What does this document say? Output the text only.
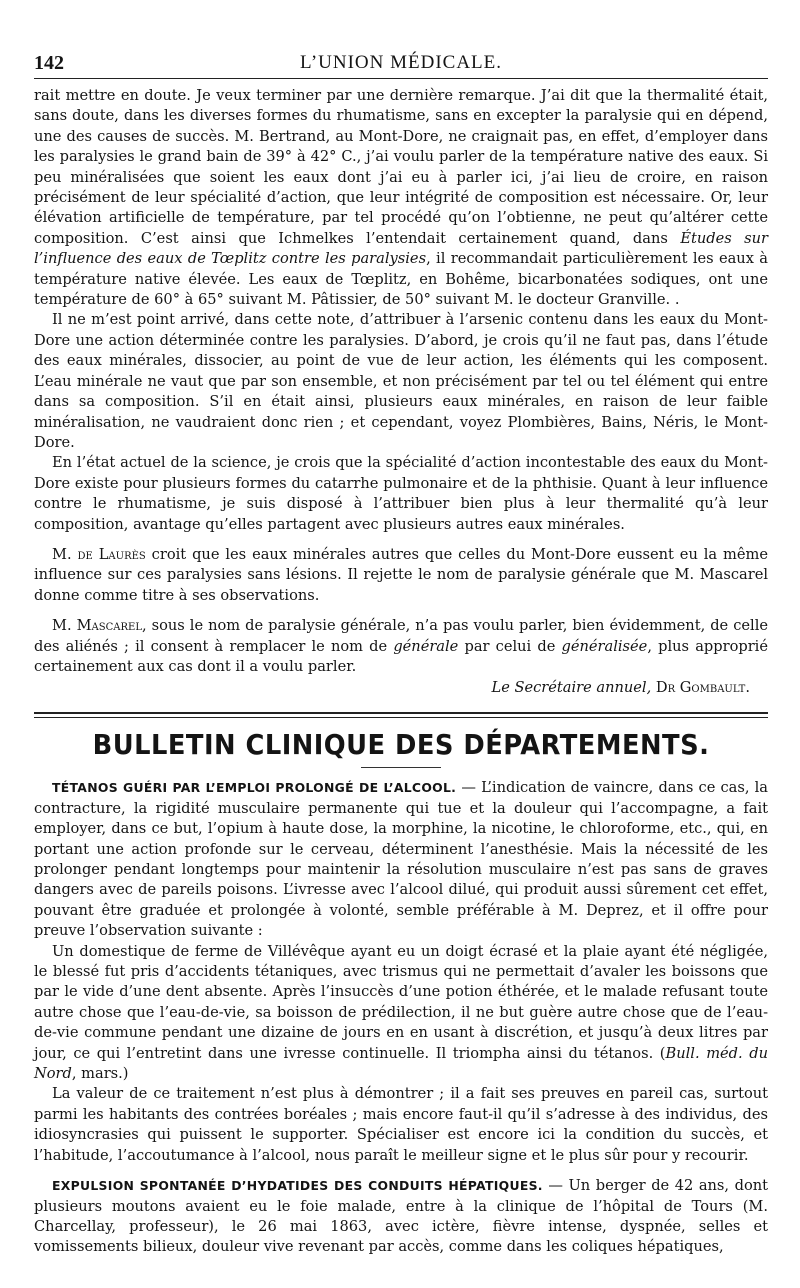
142	L’UNION MÉDICALE.

rait mettre en doute. Je veux terminer par une dernière remarque. J’ai dit que la thermalité était, sans doute, dans les diverses formes du rhumatisme, sans en excepter la paralysie qui en dépend, une des causes de succès. M. Bertrand, au Mont-Dore, ne craignait pas, en effet, d’employer dans les paralysies le grand bain de 39° à 42° C., j’ai voulu parler de la température native des eaux. Si peu minéralisées que soient les eaux dont j’ai eu à parler ici, j’ai lieu de croire, en raison précisément de leur spécialité d’action, que leur intégrité de composition est nécessaire. Or, leur élévation artificielle de température, par tel procédé qu’on l’obtienne, ne peut qu’altérer cette composition. C’est ainsi que Ichmelkes l’entendait certainement quand, dans Études sur l’influence des eaux de Tœplitz contre les paralysies, il recommandait particulièrement les eaux à température native élevée. Les eaux de Tœplitz, en Bohême, bicarbonatées sodiques, ont une température de 60° à 65° suivant M. Pâtissier, de 50° suivant M. le docteur Granville. .

Il ne m’est point arrivé, dans cette note, d’attribuer à l’arsenic contenu dans les eaux du Mont-Dore une action déterminée contre les paralysies. D’abord, je crois qu’il ne faut pas, dans l’étude des eaux minérales, dissocier, au point de vue de leur action, les éléments qui les composent. L’eau minérale ne vaut que par son ensemble, et non précisément par tel ou tel élément qui entre dans sa composition. S’il en était ainsi, plusieurs eaux minérales, en raison de leur faible minéralisation, ne vaudraient donc rien ; et cependant, voyez Plombières, Bains, Néris, le Mont-Dore.

En l’état actuel de la science, je crois que la spécialité d’action incontestable des eaux du Mont-Dore existe pour plusieurs formes du catarrhe pulmonaire et de la phthisie. Quant à leur influence contre le rhumatisme, je suis disposé à l’attribuer bien plus à leur thermalité qu’à leur composition, avantage qu’elles partagent avec plusieurs autres eaux minérales.

M. de Laurès croit que les eaux minérales autres que celles du Mont-Dore eussent eu la même influence sur ces paralysies sans lésions. Il rejette le nom de paralysie générale que M. Mascarel donne comme titre à ses observations.

M. Mascarel, sous le nom de paralysie générale, n’a pas voulu parler, bien évidemment, de celle des aliénés ; il consent à remplacer le nom de générale par celui de généralisée, plus approprié certainement aux cas dont il a voulu parler.

Le Secrétaire annuel, Dr Gombault.
BULLETIN CLINIQUE DES DÉPARTEMENTS.

TÉTANOS GUÉRI PAR L’EMPLOI PROLONGÉ DE L’ALCOOL. — L’indication de vaincre, dans ce cas, la contracture, la rigidité musculaire permanente qui tue et la douleur qui l’accompagne, a fait employer, dans ce but, l’opium à haute dose, la morphine, la nicotine, le chloroforme, etc., qui, en portant une action profonde sur le cerveau, déterminent l’anesthésie. Mais la nécessité de les prolonger pendant longtemps pour maintenir la résolution musculaire n’est pas sans de graves dangers avec de pareils poisons. L’ivresse avec l’alcool dilué, qui produit aussi sûrement cet effet, pouvant être graduée et prolongée à volonté, semble préférable à M. Deprez, et il offre pour preuve l’observation suivante :

Un domestique de ferme de Villévêque ayant eu un doigt écrasé et la plaie ayant été négligée, le blessé fut pris d’accidents tétaniques, avec trismus qui ne permettait d’avaler les boissons que par le vide d’une dent absente. Après l’insuccès d’une potion éthérée, et le malade refusant toute autre chose que l’eau-de-vie, sa boisson de prédilection, il ne but guère autre chose que de l’eau-de-vie commune pendant une dizaine de jours en en usant à discrétion, et jusqu’à deux litres par jour, ce qui l’entretint dans une ivresse continuelle. Il triompha ainsi du tétanos. (Bull. méd. du Nord, mars.)

La valeur de ce traitement n’est plus à démontrer ; il a fait ses preuves en pareil cas, surtout parmi les habitants des contrées boréales ; mais encore faut-il qu’il s’adresse à des individus, des idiosyncrasies qui puissent le supporter. Spécialiser est encore ici la condition du succès, et l’habitude, l’accoutumance à l’alcool, nous paraît le meilleur signe et le plus sûr pour y recourir.

EXPULSION SPONTANÉE D’HYDATIDES DES CONDUITS HÉPATIQUES. — Un berger de 42 ans, dont plusieurs moutons avaient eu le foie malade, entre à la clinique de l’hôpital de Tours (M. Charcellay, professeur), le 26 mai 1863, avec ictère, fièvre intense, dyspnée, selles et vomissements bilieux, douleur vive revenant par accès, comme dans les coliques hépatiques,
